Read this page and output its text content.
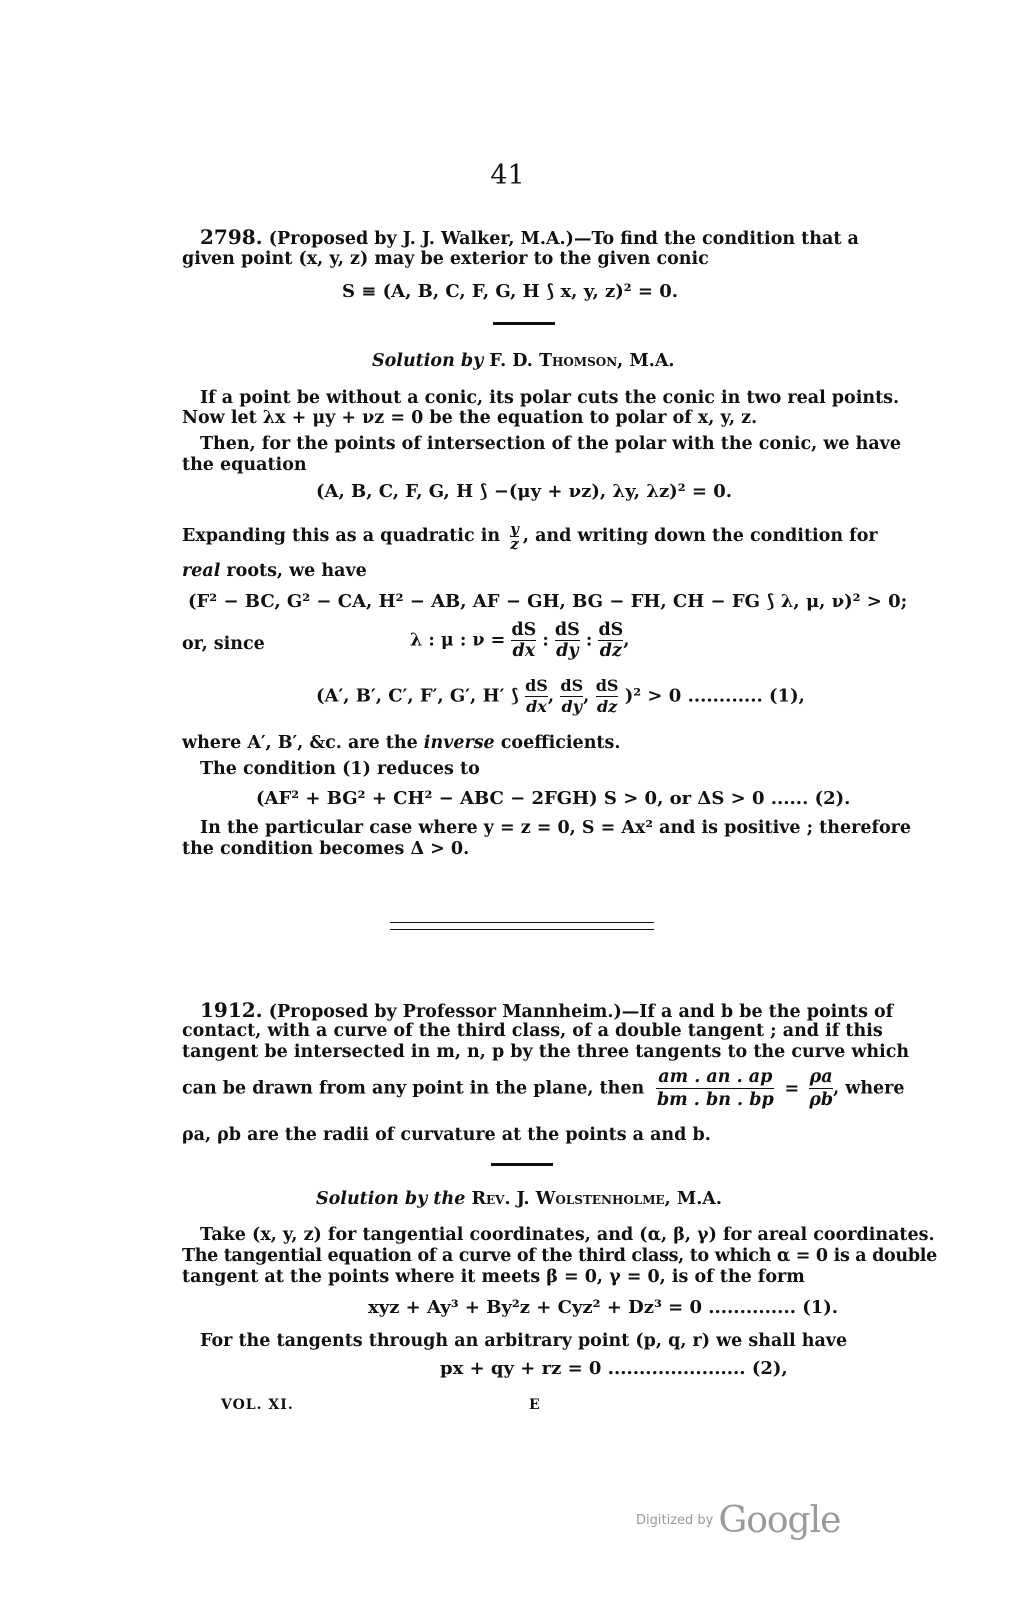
41
2798. (Proposed by J. J. Walker, M.A.)—To find the condition that a
given point (x, y, z) may be exterior to the given conic
S ≡ (A, B, C, F, G, H ⟆ x, y, z)² = 0.
Solution by F. D. Thomson, M.A.
If a point be without a conic, its polar cuts the conic in two real points.
Now let λx + μy + νz = 0 be the equation to polar of x, y, z.
Then, for the points of intersection of the polar with the conic, we have
the equation
(A, B, C, F, G, H ⟆ −(μy + νz), λy, λz)² = 0.
Expanding this as a quadratic in $\frac{y}{z}$ , and writing down the condition for
real roots, we have
(F² − BC, G² − CA, H² − AB, AF − GH, BG − FH, CH − FG ⟆ λ, μ, ν)² > 0;
or, since	λ : μ : $\nu = \frac{dS}{dx}$ : $\frac{dS}{dy}$ : $\frac{dS}{dz}$ ,
(A′, B′, C′, F′, G′, H′ ⟆ $\frac{dS}{dx}$ , $\frac{dS}{dy}$ , $\frac{dS}{dz} )^2 > 0$ ............ (1),
where A′, B′, &c. are the inverse coefficients.
The condition (1) reduces to
(AF² + BG² + CH² − ABC − 2FGH) S > 0, or ΔS > 0 ...... (2).
In the particular case where y = z = 0, S = Ax² and is positive ; therefore
the condition becomes Δ > 0.
1912. (Proposed by Professor Mannheim.)—If a and b be the points of
contact, with a curve of the third class, of a double tangent ; and if this
tangent be intersected in m, n, p by the three tangents to the curve which
can be drawn from any point in the plane, then $\frac{am . an . ap}{bm . bn . bp} = \frac{\rho a}{\rho b}$ , where
ρa, ρb are the radii of curvature at the points a and b.
Solution by the Rev. J. Wolstenholme, M.A.
Take (x, y, z) for tangential coordinates, and (α, β, γ) for areal coordinates.
The tangential equation of a curve of the third class, to which α = 0 is a double
tangent at the points where it meets β = 0, γ = 0, is of the form
xyz + Ay³ + By²z + Cyz² + Dz³ = 0 .............. (1).
For the tangents through an arbitrary point (p, q, r) we shall have
px + qy + rz = 0 ...................... (2),
VOL. XI.	E
Digitized by Google
